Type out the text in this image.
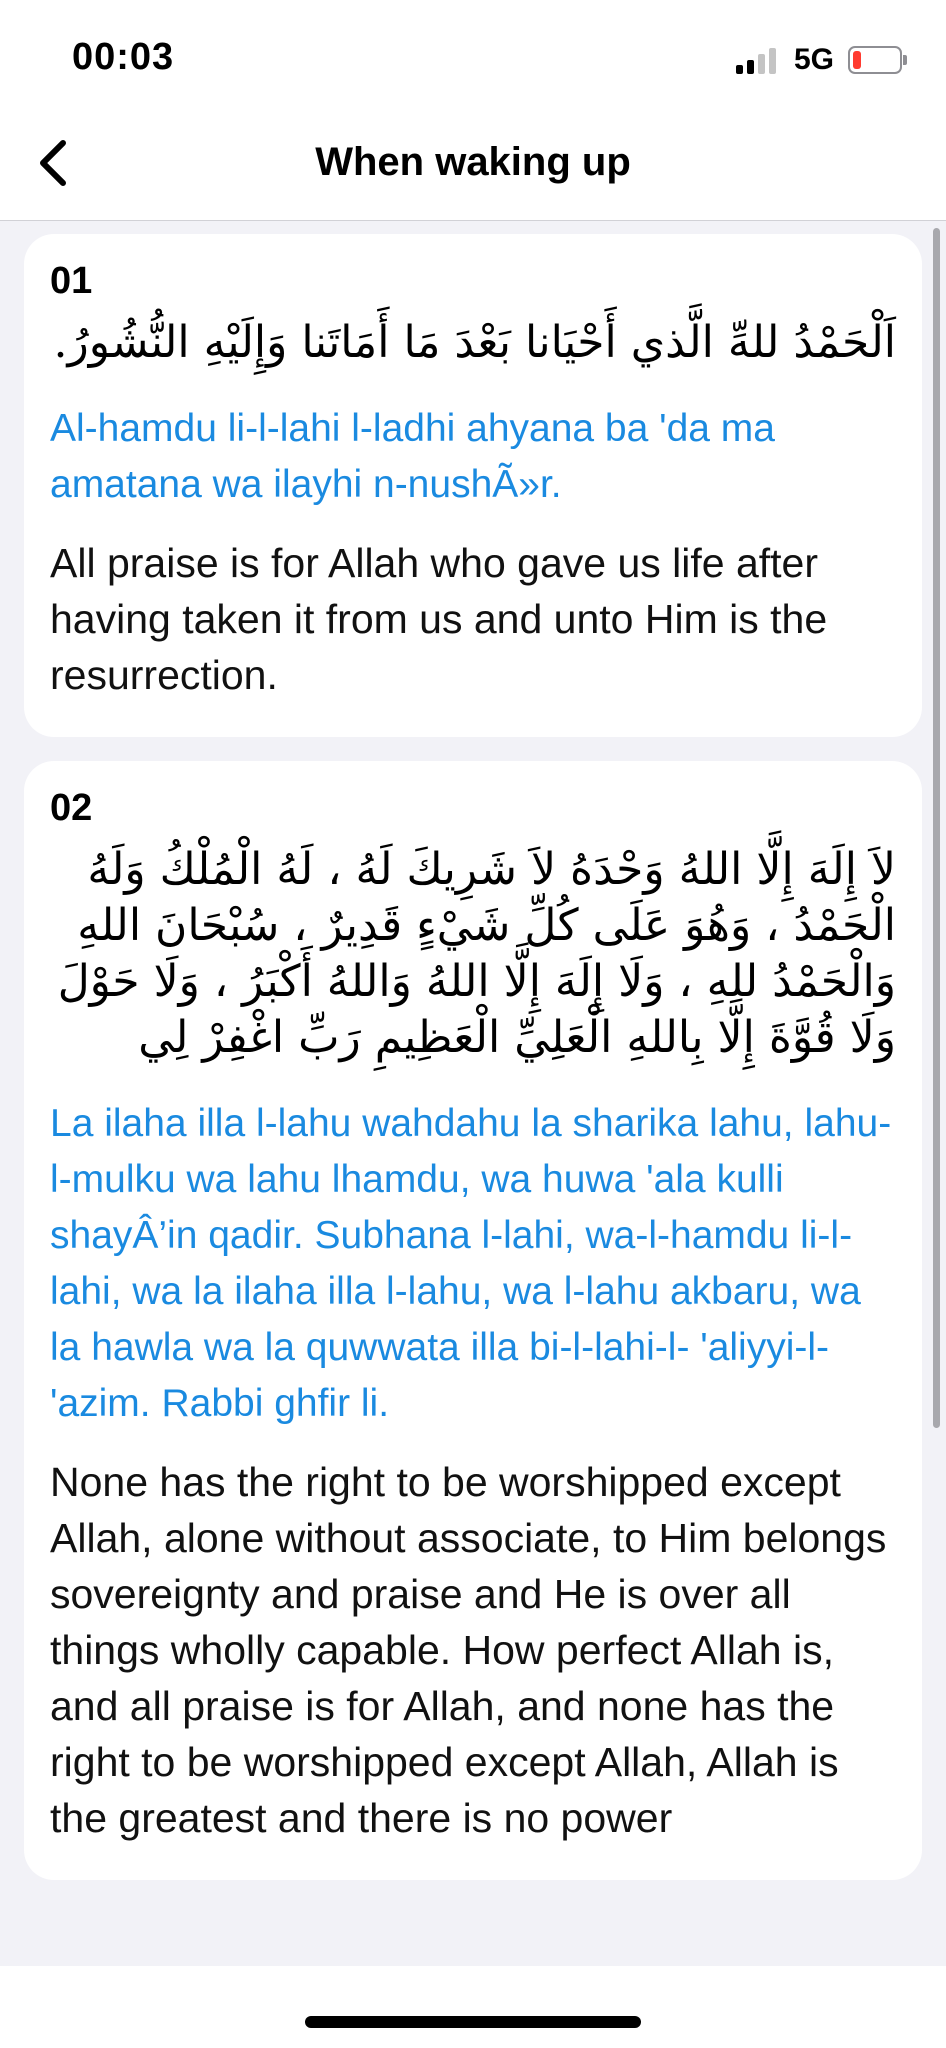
00:03	5G
When waking up
01
اَلْحَمْدُ للهِّ الَّذي أَحْيَانا بَعْدَ مَا أَمَاتَنا وَإِلَيْهِ النُّشُورُ.
Al-hamdu li-l-lahi l-ladhi ahyana ba 'da ma amatana wa ilayhi n-nushÃ»r.
All praise is for Allah who gave us life after having taken it from us and unto Him is the resurrection.
02
لاَ إِلَهَ إِلَّا اللهُ وَحْدَهُ لاَ شَرِيكَ لَهُ ، لَهُ الْمُلْكُ وَلَهُ الْحَمْدُ ، وَهُوَ عَلَى كُلِّ شَيْءٍ قَدِيرٌ ، سُبْحَانَ اللهِ وَالْحَمْدُ للهِ ، وَلَا إِلَهَ إِلَّا اللهُ وَاللهُ أَكْبَرُ ، وَلَا حَوْلَ وَلَا قُوَّةَ إِلَّا بِاللهِ الْعَلِيِّ الْعَظِيمِ رَبِّ اغْفِرْ لِي
La ilaha illa l-lahu wahdahu la sharika lahu, lahu-l-mulku wa lahu lhamdu, wa huwa 'ala kulli shayÂ’in qadir. Subhana l-lahi, wa-l-hamdu li-l-lahi, wa la ilaha illa l-lahu, wa l-lahu akbaru, wa la hawla wa la quwwata illa bi-l-lahi-l- 'aliyyi-l- 'azim. Rabbi ghfir li.
None has the right to be worshipped except Allah, alone without associate, to Him belongs sovereignty and praise and He is over all things wholly capable. How perfect Allah is, and all praise is for Allah, and none has the right to be worshipped except Allah, Allah is the greatest and there is no power
